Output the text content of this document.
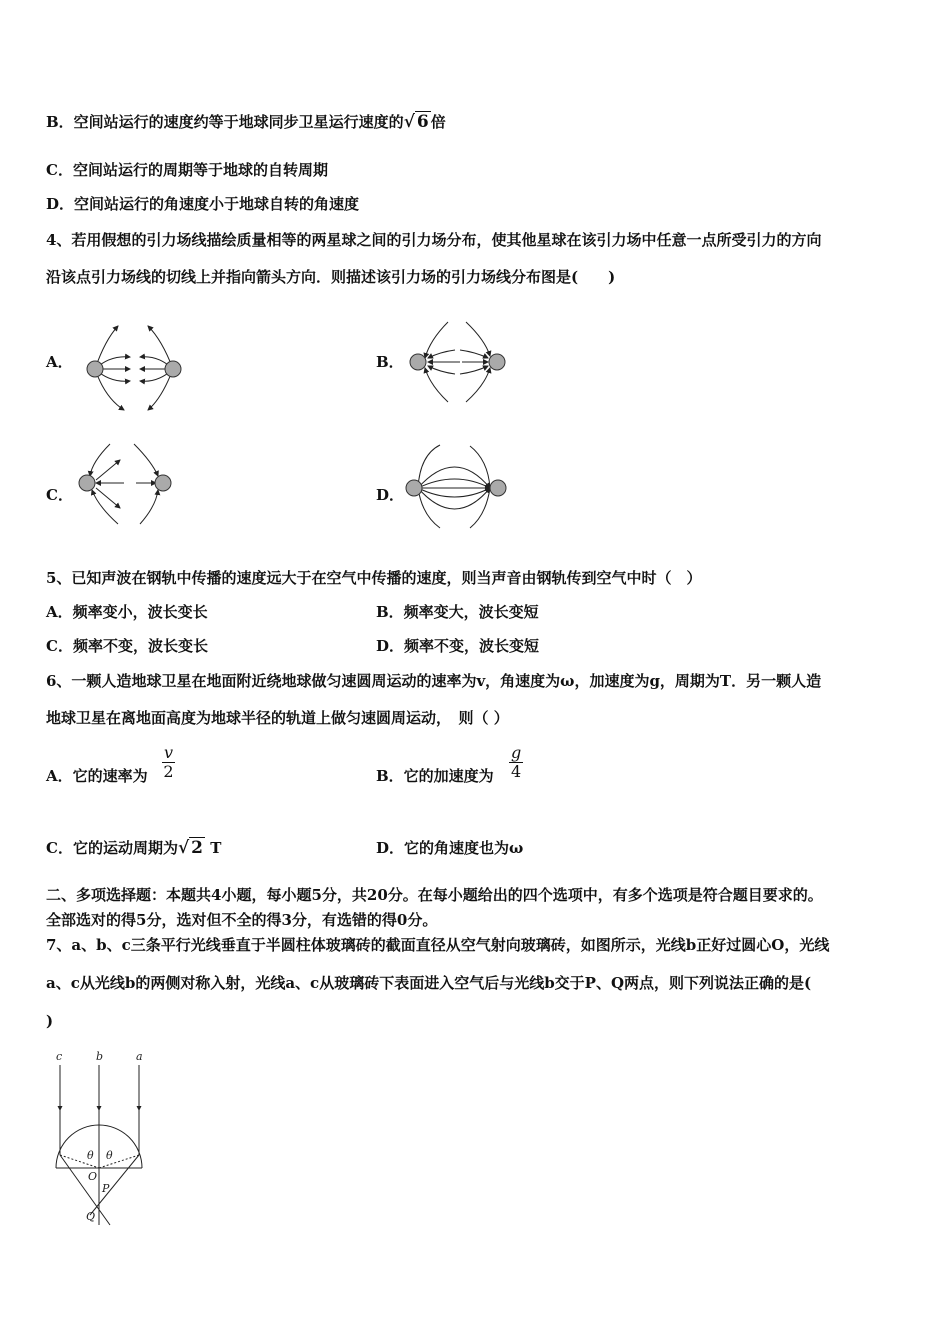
B．空间站运行的速度约等于地球同步卫星运行速度的√ 6 倍
C．空间站运行的周期等于地球的自转周期
D．空间站运行的角速度小于地球自转的角速度
4、若用假想的引力场线描绘质量相等的两星球之间的引力场分布，使其他星球在该引力场中任意一点所受引力的方向
沿该点引力场线的切线上并指向箭头方向．则描述该引力场的引力场线分布图是(　　)
A．	B．
C．	D．
5、已知声波在钢轨中传播的速度远大于在空气中传播的速度，则当声音由钢轨传到空气中时（　）
A．频率变小，波长变长	B．频率变大，波长变短
C．频率不变，波长变长	D．频率不变，波长变短
6、一颗人造地球卫星在地面附近绕地球做匀速圆周运动的速率为v，角速度为ω，加速度为g，周期为T．另一颗人造
地球卫星在离地面高度为地球半径的轨道上做匀速圆周运动，　则（ ）
A．它的速率为 $\frac{v}{2}$	B．它的加速度为 $\frac{g}{4}$
C．它的运动周期为√ 2 T	D．它的角速度也为ω
二、多项选择题：本题共4小题，每小题5分，共20分。在每小题给出的四个选项中，有多个选项是符合题目要求的。
全部选对的得5分，选对但不全的得3分，有选错的得0分。
7、a、b、c三条平行光线垂直于半圆柱体玻璃砖的截面直径从空气射向玻璃砖，如图所示，光线b正好过圆心O，光线
a、c从光线b的两侧对称入射，光线a、c从玻璃砖下表面进入空气后与光线b交于P、Q两点，则下列说法正确的是(
)
c	b	a
θ θ
O
P
Q
